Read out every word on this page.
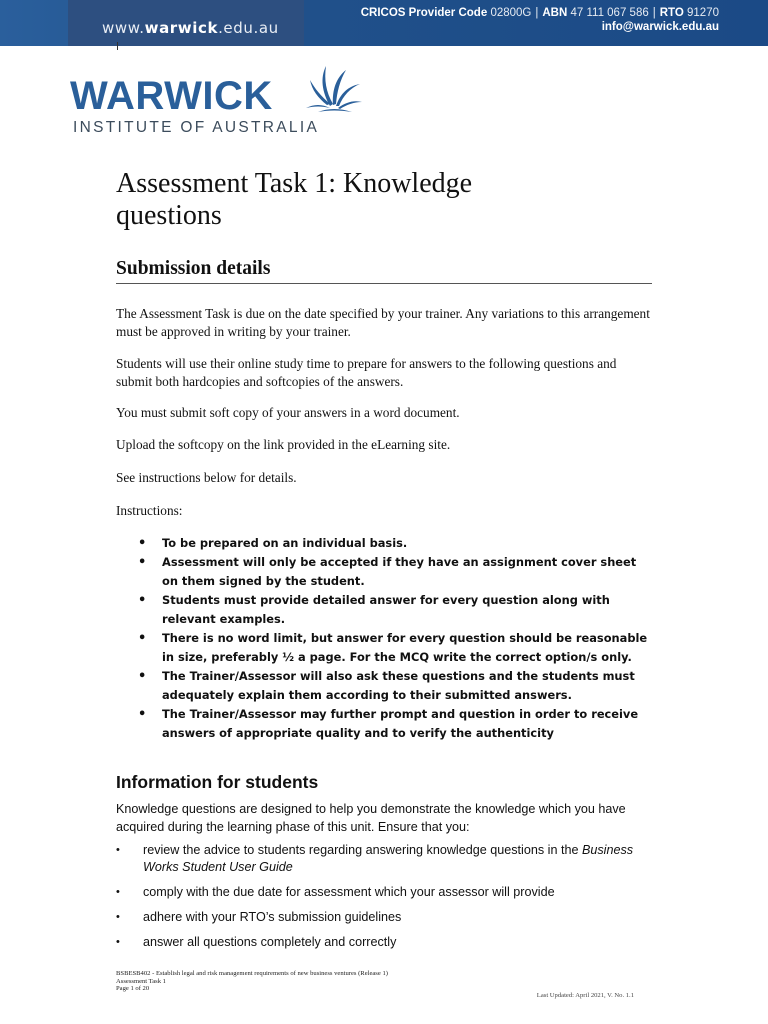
www.warwick.edu.au
CRICOS Provider Code 02800G | ABN 47 111 067 586 | RTO 91270
info@warwick.edu.au
WARWICK
INSTITUTE OF AUSTRALIA
Assessment Task 1: Knowledge questions
Submission details

The Assessment Task is due on the date specified by your trainer. Any variations to this arrangement must be approved in writing by your trainer.

Students will use their online study time to prepare for answers to the following questions and submit both hardcopies and softcopies of the answers.

You must submit soft copy of your answers in a word document.

Upload the softcopy on the link provided in the eLearning site.

See instructions below for details.

Instructions:

• To be prepared on an individual basis.
• Assessment will only be accepted if they have an assignment cover sheet on them signed by the student.
• Students must provide detailed answer for every question along with relevant examples.
• There is no word limit, but answer for every question should be reasonable in size, preferably ½ a page. For the MCQ write the correct option/s only.
• The Trainer/Assessor will also ask these questions and the students must adequately explain them according to their submitted answers.
• The Trainer/Assessor may further prompt and question in order to receive answers of appropriate quality and to verify the authenticity
Information for students

Knowledge questions are designed to help you demonstrate the knowledge which you have acquired during the learning phase of this unit. Ensure that you:

• review the advice to students regarding answering knowledge questions in the Business Works Student User Guide
• comply with the due date for assessment which your assessor will provide
• adhere with your RTO’s submission guidelines
• answer all questions completely and correctly
BSBESB402 - Establish legal and risk management requirements of new business ventures (Release 1)
Assessment Task 1
Page 1 of 20
Last Updated: April 2021, V. No. 1.1
